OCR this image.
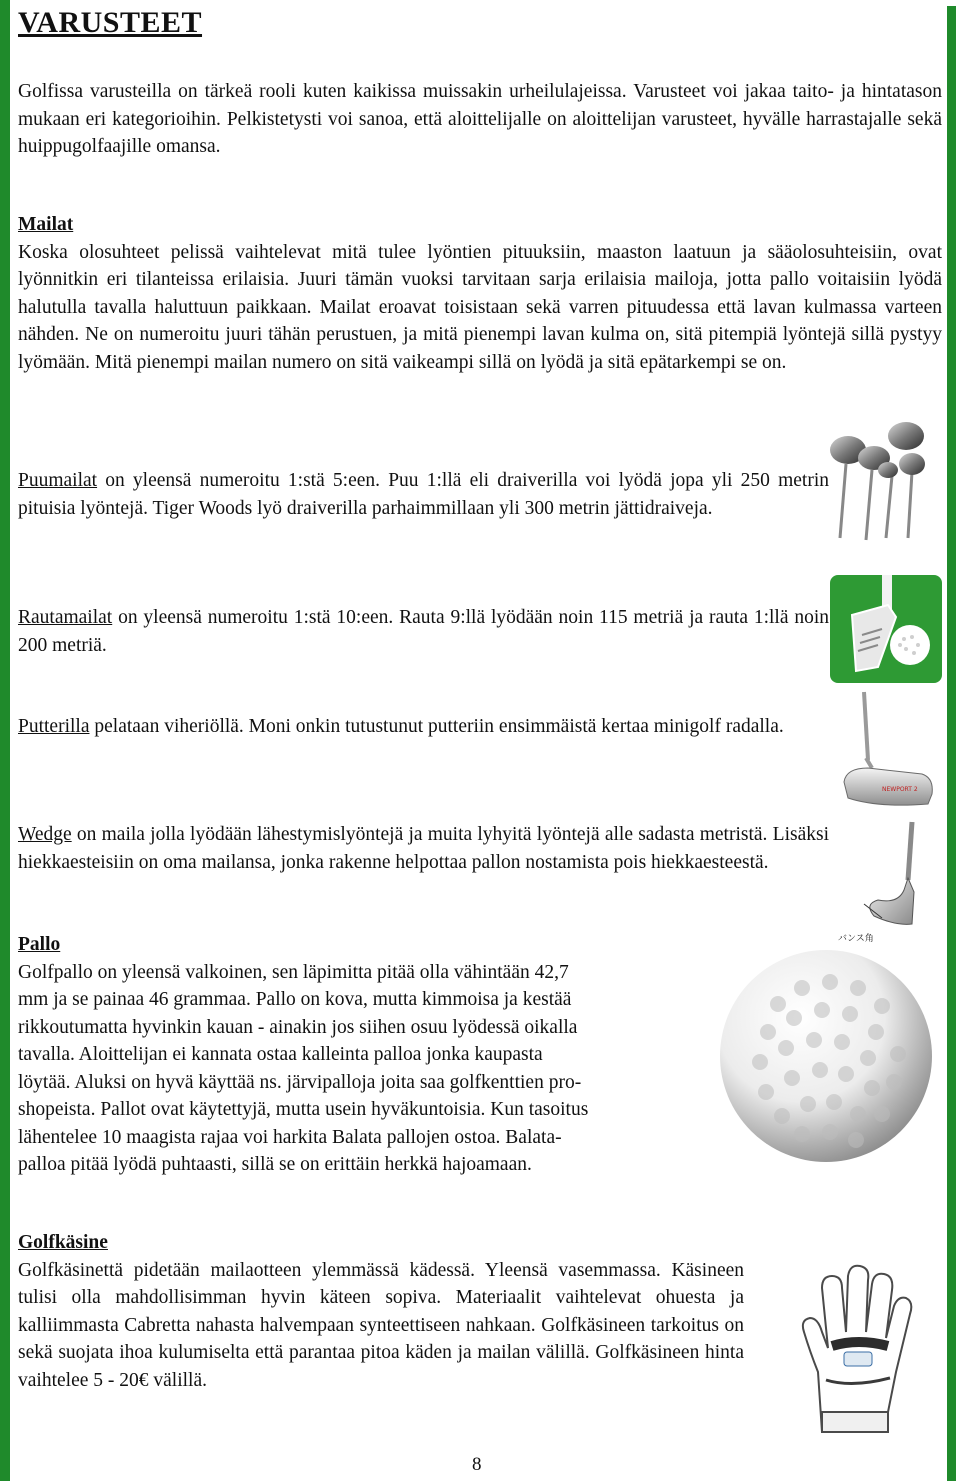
VARUSTEET

Golfissa varusteilla on tärkeä rooli kuten kaikissa muissakin urheilulajeissa. Varusteet voi jakaa taito- ja hintatason mukaan eri kategorioihin. Pelkistetysti voi sanoa, että aloittelijalle on aloittelijan varusteet, hyvälle harrastajalle sekä huippugolfaajille omansa.

Mailat
Koska olosuhteet pelissä vaihtelevat mitä tulee lyöntien pituuksiin, maaston laatuun ja sääolosuhteisiin, ovat lyönnitkin eri tilanteissa erilaisia. Juuri tämän vuoksi tarvitaan sarja erilaisia mailoja, jotta pallo voitaisiin lyödä halutulla tavalla haluttuun paikkaan. Mailat eroavat toisistaan sekä varren pituudessa että lavan kulmassa varteen nähden. Ne on numeroitu juuri tähän perustuen, ja mitä pienempi lavan kulma on, sitä pitempiä lyöntejä sillä pystyy lyömään. Mitä pienempi mailan numero on sitä vaikeampi sillä on lyödä ja sitä epätarkempi se on.

Puumailat on yleensä numeroitu 1:stä 5:een. Puu 1:llä eli draiverilla voi lyödä jopa yli 250 metrin pituisia lyöntejä. Tiger Woods lyö draiverilla parhaimmillaan yli 300 metrin jättidraiveja.

Rautamailat on yleensä numeroitu 1:stä 10:een. Rauta 9:llä lyödään noin 115 metriä ja rauta 1:llä noin 200 metriä.

Putterilla pelataan viheriöllä. Moni onkin tutustunut putteriin ensimmäistä kertaa minigolf radalla.

Wedge on maila jolla lyödään lähestymislyöntejä ja muita lyhyitä lyöntejä alle sadasta metristä. Lisäksi hiekkaesteisiin on oma mailansa, jonka rakenne helpottaa pallon nostamista pois hiekkaesteestä.

Pallo
Golfpallo on yleensä valkoinen, sen läpimitta pitää olla vähintään 42,7
mm ja se painaa 46 grammaa. Pallo on kova, mutta kimmoisa ja kestää
rikkoutumatta hyvinkin kauan - ainakin jos siihen osuu lyödessä oikalla
tavalla. Aloittelijan ei kannata ostaa kalleinta palloa jonka kaupasta
löytää. Aluksi on hyvä käyttää ns. järvipalloja joita saa golfkenttien pro-
shopeista. Pallot ovat käytettyjä, mutta usein hyväkuntoisia. Kun tasoitus
lähentelee 10 maagista rajaa voi harkita Balata pallojen ostoa. Balata-
palloa pitää lyödä puhtaasti, sillä se on erittäin herkkä hajoamaan.
Golfkäsine
Golfkäsinettä pidetään mailaotteen ylemmässä kädessä. Yleensä vasemmassa. Käsineen tulisi olla mahdollisimman hyvin käteen sopiva. Materiaalit vaihtelevat ohuesta ja kalliimmasta Cabretta nahasta halvempaan synteettiseen nahkaan. Golfkäsineen tarkoitus on sekä suojata ihoa kulumiselta että parantaa pitoa käden ja mailan välillä. Golfkäsineen hinta vaihtelee 5 - 20€ välillä.
NEWPORT 2
バンス角
8
